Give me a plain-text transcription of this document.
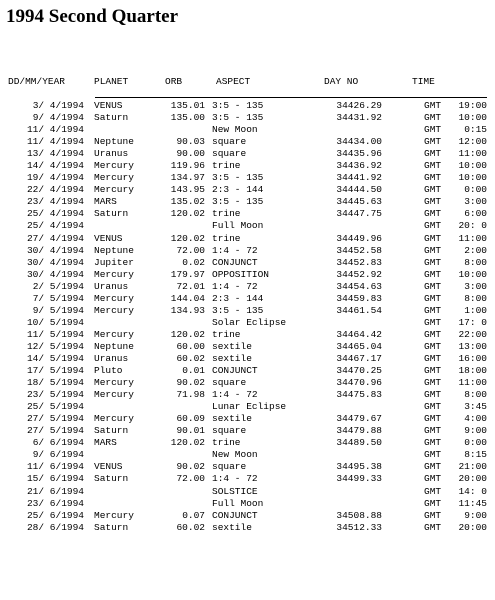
1994 Second Quarter
DD/MM/YEAR	PLANET	ORB	ASPECT	DAY NO	TIME
3/ 4/1994 VENUS	135.01 3:5 - 135	34426.29	GMT	19:00
9/ 4/1994 Saturn	135.00 3:5 - 135	34431.92	GMT	10:00
11/ 4/1994	New Moon	GMT	0:15
11/ 4/1994 Neptune	90.03 square	34434.00	GMT	12:00
13/ 4/1994 Uranus	90.00 square	34435.96	GMT	11:00
14/ 4/1994 Mercury	119.96 trine	34436.92	GMT	10:00
19/ 4/1994 Mercury	134.97 3:5 - 135	34441.92	GMT	10:00
22/ 4/1994 Mercury	143.95 2:3 - 144	34444.50	GMT	0:00
23/ 4/1994 MARS	135.02 3:5 - 135	34445.63	GMT	3:00
25/ 4/1994 Saturn	120.02 trine	34447.75	GMT	6:00
25/ 4/1994	Full Moon	GMT	20: 0
27/ 4/1994 VENUS	120.02 trine	34449.96	GMT	11:00
30/ 4/1994 Neptune	72.00 1:4 - 72	34452.58	GMT	2:00
30/ 4/1994 Jupiter	0.02 CONJUNCT	34452.83	GMT	8:00
30/ 4/1994 Mercury	179.97 OPPOSITION	34452.92	GMT	10:00
2/ 5/1994 Uranus	72.01 1:4 - 72	34454.63	GMT	3:00
7/ 5/1994 Mercury	144.04 2:3 - 144	34459.83	GMT	8:00
9/ 5/1994 Mercury	134.93 3:5 - 135	34461.54	GMT	1:00
10/ 5/1994	Solar Eclipse	GMT	17: 0
11/ 5/1994 Mercury	120.02 trine	34464.42	GMT	22:00
12/ 5/1994 Neptune	60.00 sextile	34465.04	GMT	13:00
14/ 5/1994 Uranus	60.02 sextile	34467.17	GMT	16:00
17/ 5/1994 Pluto	0.01 CONJUNCT	34470.25	GMT	18:00
18/ 5/1994 Mercury	90.02 square	34470.96	GMT	11:00
23/ 5/1994 Mercury	71.98 1:4 - 72	34475.83	GMT	8:00
25/ 5/1994	Lunar Eclipse	GMT	3:45
27/ 5/1994 Mercury	60.09 sextile	34479.67	GMT	4:00
27/ 5/1994 Saturn	90.01 square	34479.88	GMT	9:00
6/ 6/1994 MARS	120.02 trine	34489.50	GMT	0:00
9/ 6/1994	New Moon	GMT	8:15
11/ 6/1994 VENUS	90.02 square	34495.38	GMT	21:00
15/ 6/1994 Saturn	72.00 1:4 - 72	34499.33	GMT	20:00
21/ 6/1994	SOLSTICE	GMT	14: 0
23/ 6/1994	Full Moon	GMT	11:45
25/ 6/1994 Mercury	0.07 CONJUNCT	34508.88	GMT	9:00
28/ 6/1994 Saturn	60.02 sextile	34512.33	GMT	20:00
